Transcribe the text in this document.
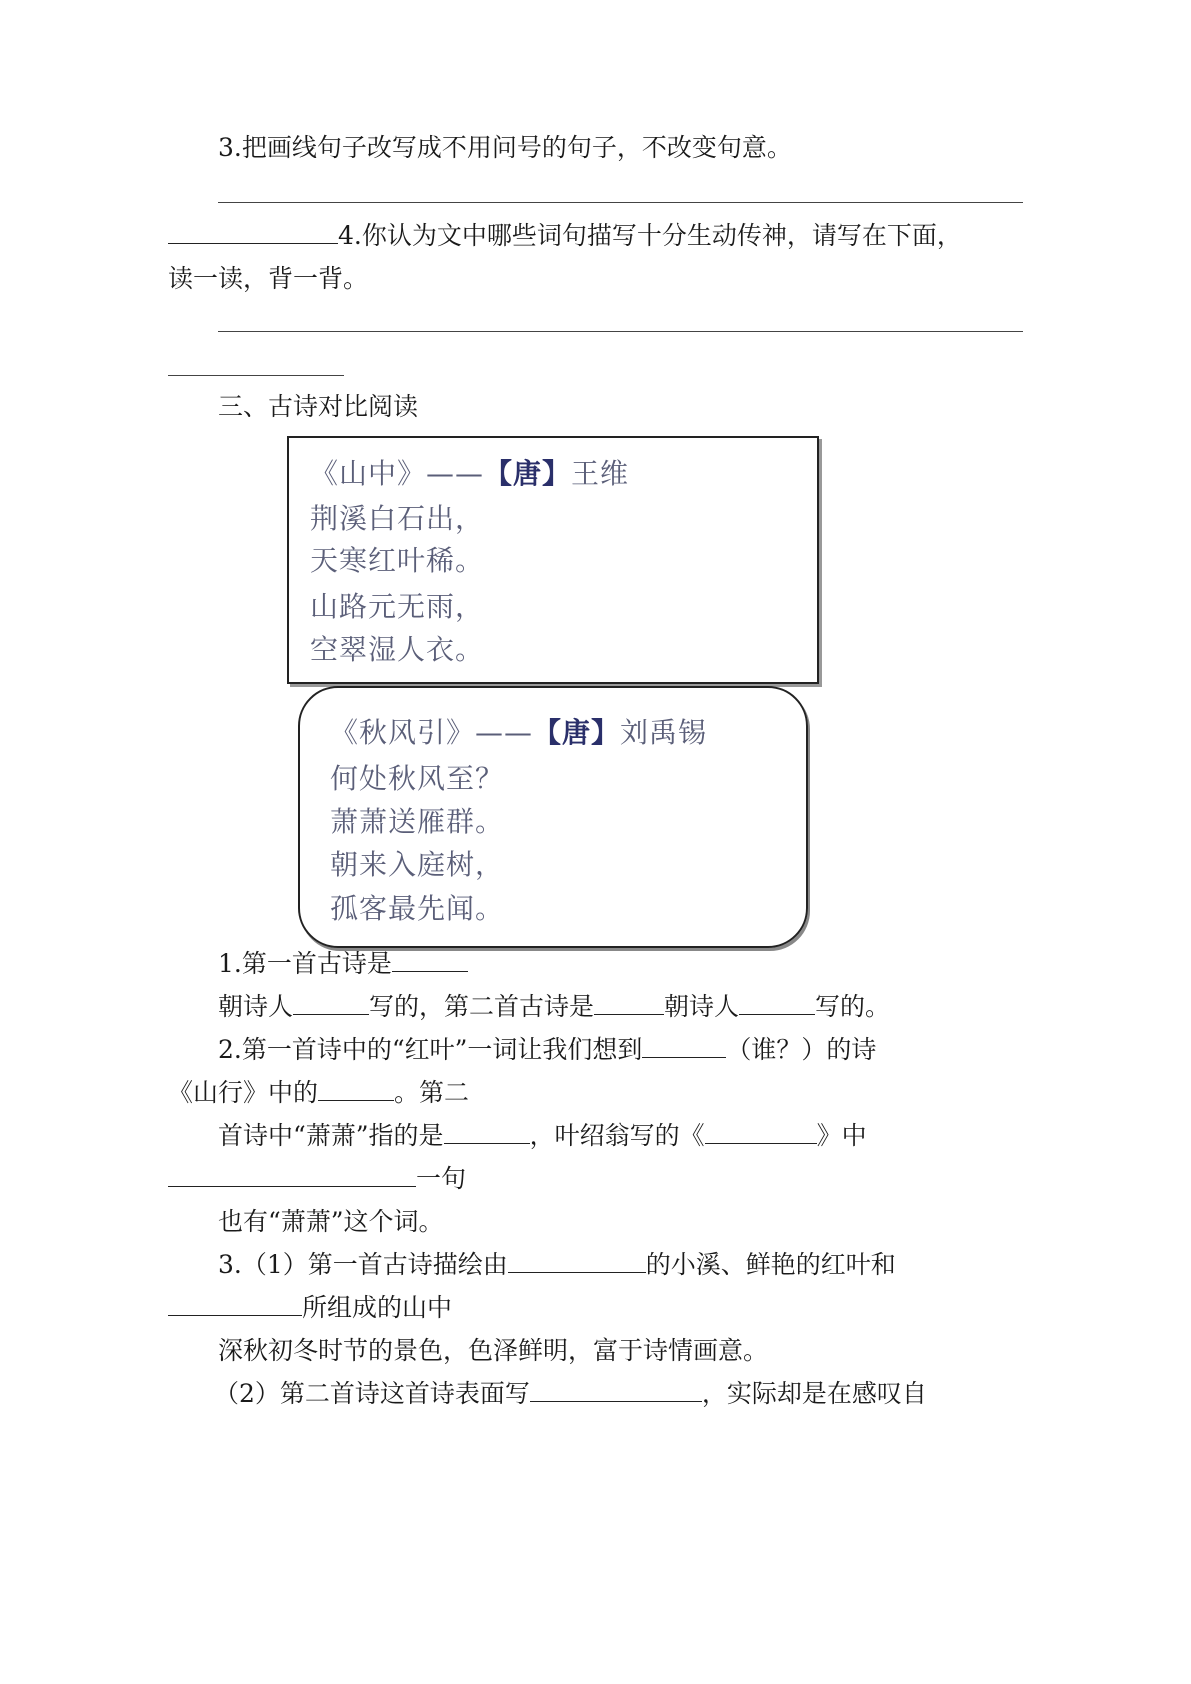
3.把画线句子改写成不用问号的句子，不改变句意。
4.你认为文中哪些词句描写十分生动传神，请写在下面，
读一读，背一背。
三、古诗对比阅读
《山中》——【唐】王维
荆溪白石出，
天寒红叶稀。
山路元无雨，
空翠湿人衣。
《秋风引》——【唐】刘禹锡
何处秋风至？
萧萧送雁群。
朝来入庭树，
孤客最先闻。
1.第一首古诗是
朝诗人	写的，第二首古诗是	朝诗人	写的。
2.第一首诗中的“红叶”一词让我们想到	（谁？）的诗
《山行》中的	。第二
首诗中“萧萧”指的是	，叶绍翁写的《	》中
一句
也有“萧萧”这个词。
3.（1）第一首古诗描绘由	的小溪、鲜艳的红叶和
所组成的山中
深秋初冬时节的景色，色泽鲜明，富于诗情画意。
（2）第二首诗这首诗表面写	，实际却是在感叹自
